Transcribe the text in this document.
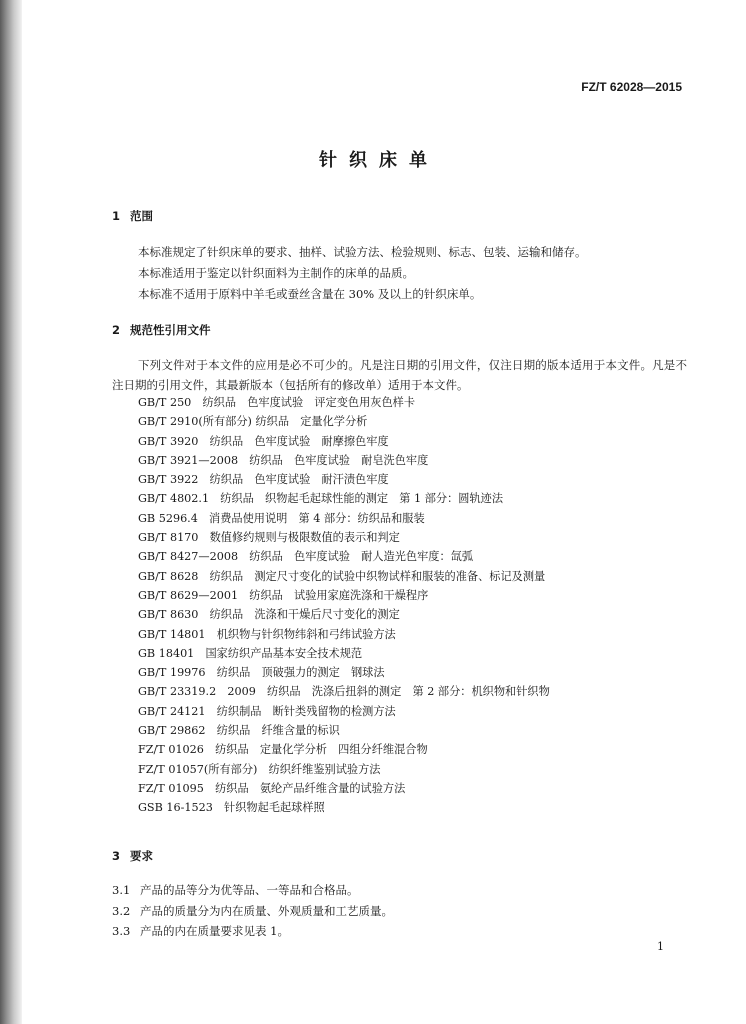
FZ/T 62028—2015
针织床单
1 范围
本标准规定了针织床单的要求、抽样、试验方法、检验规则、标志、包装、运输和储存。
本标准适用于鉴定以针织面料为主制作的床单的品质。
本标准不适用于原料中羊毛或蚕丝含量在 30% 及以上的针织床单。
2 规范性引用文件
下列文件对于本文件的应用是必不可少的。凡是注日期的引用文件，仅注日期的版本适用于本文件。凡是不注日期的引用文件，其最新版本（包括所有的修改单）适用于本文件。
GB/T 250　纺织品　色牢度试验　评定变色用灰色样卡
GB/T 2910(所有部分) 纺织品　定量化学分析
GB/T 3920　纺织品　色牢度试验　耐摩擦色牢度
GB/T 3921—2008　纺织品　色牢度试验　耐皂洗色牢度
GB/T 3922　纺织品　色牢度试验　耐汗渍色牢度
GB/T 4802.1　纺织品　织物起毛起球性能的测定　第 1 部分：圆轨迹法
GB 5296.4　消费品使用说明　第 4 部分：纺织品和服装
GB/T 8170　数值修约规则与极限数值的表示和判定
GB/T 8427—2008　纺织品　色牢度试验　耐人造光色牢度：氙弧
GB/T 8628　纺织品　测定尺寸变化的试验中织物试样和服装的准备、标记及测量
GB/T 8629—2001　纺织品　试验用家庭洗涤和干燥程序
GB/T 8630　纺织品　洗涤和干燥后尺寸变化的测定
GB/T 14801　机织物与针织物纬斜和弓纬试验方法
GB 18401　国家纺织产品基本安全技术规范
GB/T 19976　纺织品　顶破强力的测定　钢球法
GB/T 23319.2　2009　纺织品　洗涤后扭斜的测定　第 2 部分：机织物和针织物
GB/T 24121　纺织制品　断针类残留物的检测方法
GB/T 29862　纺织品　纤维含量的标识
FZ/T 01026　纺织品　定量化学分析　四组分纤维混合物
FZ/T 01057(所有部分)　纺织纤维鉴别试验方法
FZ/T 01095　纺织品　氨纶产品纤维含量的试验方法
GSB 16-1523　针织物起毛起球样照
3 要求
3.1 产品的品等分为优等品、一等品和合格品。
3.2 产品的质量分为内在质量、外观质量和工艺质量。
3.3 产品的内在质量要求见表 1。
1
